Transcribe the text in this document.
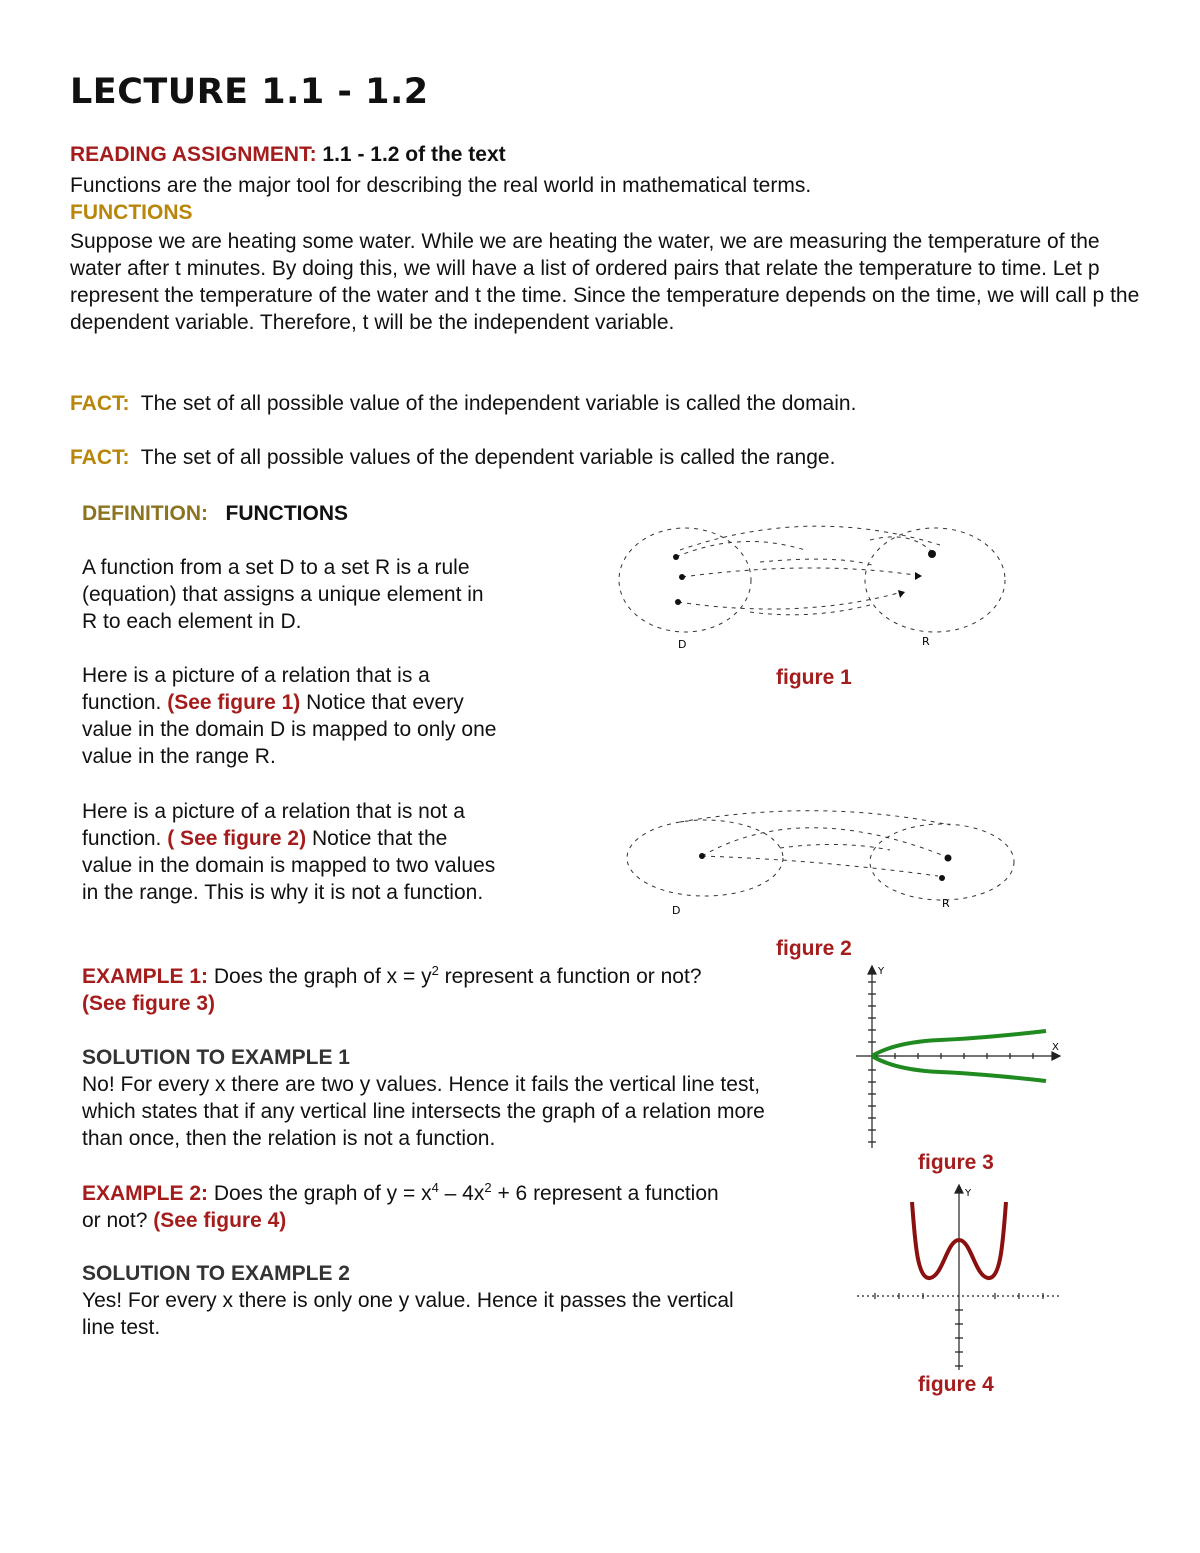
LECTURE 1.1 - 1.2
READING ASSIGNMENT: 1.1 - 1.2 of the text
Functions are the major tool for describing the real world in mathematical terms.
FUNCTIONS

Suppose we are heating some water. While we are heating the water, we are measuring the temperature of the water after t minutes. By doing this, we will have a list of ordered pairs that relate the temperature to time. Let p represent the temperature of the water and t the time. Since the temperature depends on the time, we will call p the dependent variable. Therefore, t will be the independent variable.

FACT: The set of all possible value of the independent variable is called the domain.
FACT: The set of all possible values of the dependent variable is called the range.
DEFINITION: FUNCTIONS

A function from a set D to a set R is a rule (equation) that assigns a unique element in R to each element in D.

Here is a picture of a relation that is a function. (See figure 1) Notice that every value in the domain D is mapped to only one value in the range R.

Here is a picture of a relation that is not a function. ( See figure 2) Notice that the value in the domain is mapped to two values in the range. This is why it is not a function.

EXAMPLE 1: Does the graph of $x = y^2$ represent a function or not?
(See figure 3)

SOLUTION TO EXAMPLE 1
No! For every x there are two y values. Hence it fails the vertical line test, which states that if any vertical line intersects the graph of a relation more than once, then the relation is not a function.

EXAMPLE 2: Does the graph of $y = x^4 - 4x^2 + 6$ represent a function or not? (See figure 4)

SOLUTION TO EXAMPLE 2
Yes! For every x there is only one y value. Hence it passes the vertical line test.

D	R
figure 1
D
R
figure 2
Y
X
figure 3
Y
figure 4
